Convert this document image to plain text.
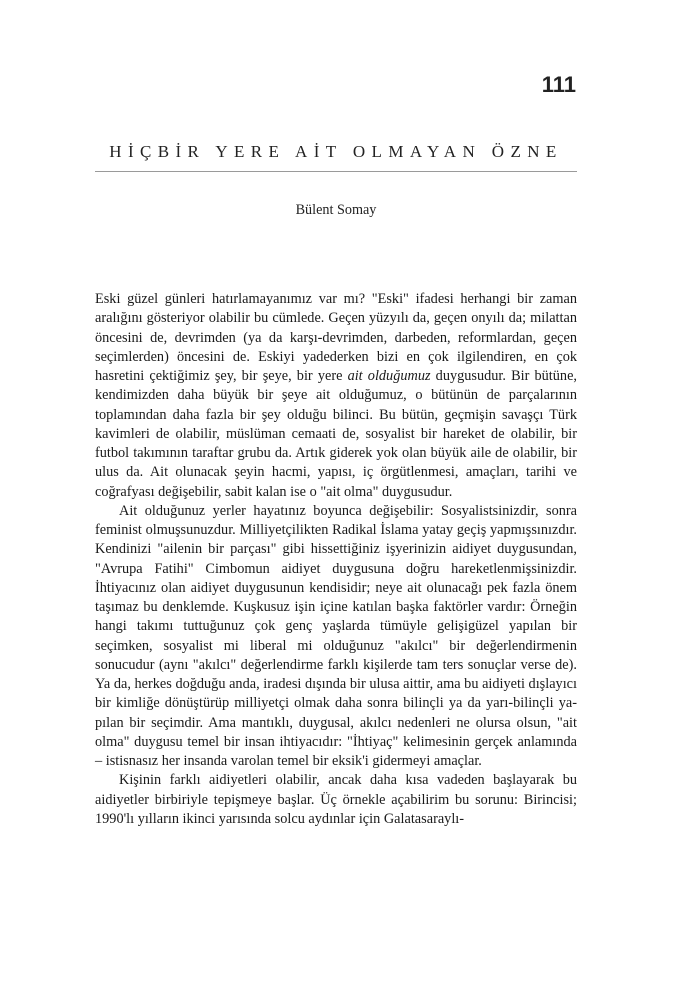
111
HİÇBİR YERE AİT OLMAYAN ÖZNE
Bülent Somay

Eski güzel günleri hatırlamayanımız var mı? "Eski" ifadesi herhangi bir zaman aralığını gösteriyor olabilir bu cümlede. Geçen yüzyılı da, geçen onyılı da; milattan öncesini de, devrimden (ya da karşı-devrimden, darbeden, reformlardan, geçen seçimlerden) öncesini de. Eskiyi yadederken bizi en çok ilgilendiren, en çok hasretini çektiğimiz şey, bir şeye, bir yere ait olduğumuz duygusudur. Bir bütüne, kendimizden daha büyük bir şeye ait olduğumuz, o bütünün de parçalarının toplamından daha fazla bir şey olduğu bilinci. Bu bütün, geçmişin savaşçı Türk kavimleri de olabilir, müslüman cemaati de, sosyalist bir hareket de olabilir, bir futbol takımının taraftar grubu da. Artık giderek yok olan büyük aile de olabilir, bir ulus da. Ait olunacak şeyin hacmi, yapısı, iç örgütlenmesi, amaçları, tarihi ve coğrafyası değişebilir, sabit kalan ise o "ait olma" duygusudur.

Ait olduğunuz yerler hayatınız boyunca değişebilir: Sosyalistsinizdir, sonra feminist olmuşsunuzdur. Milliyetçilikten Radikal İslama yatay geçiş yapmışsınızdır. Kendinizi "ailenin bir parçası" gibi hissettiğiniz işyerinizin aidiyet duygusundan, "Avrupa Fatihi" Cimbomun aidiyet duygusuna doğru hareketlenmişsinizdir. İhtiyacınız olan aidiyet duygusunun kendisidir; neye ait olunacağı pek fazla önem taşımaz bu denklemde. Kuşkusuz işin içine katılan başka faktörler vardır: Örneğin hangi takımı tuttuğunuz çok genç yaşlarda tümüyle gelişigüzel yapılan bir seçimken, sosyalist mi liberal mi olduğunuz "akılcı" bir değerlendirmenin sonucudur (aynı "akılcı" değerlendirme farklı kişilerde tam ters sonuçlar verse de). Ya da, herkes doğduğu anda, iradesi dışında bir ulusa aittir, ama bu aidiyeti dışlayıcı bir kimliğe dönüştürüp milliyetçi olmak daha sonra bilinçli ya da yarı-bilinçli yapılan bir seçimdir. Ama mantıklı, duygusal, akılcı nedenleri ne olursa olsun, "ait olma" duygusu temel bir insan ihtiyacıdır: "İhtiyaç" kelimesinin gerçek anlamında – istisnasız her insanda varolan temel bir eksik'i gidermeyi amaçlar.

Kişinin farklı aidiyetleri olabilir, ancak daha kısa vadeden başlayarak bu aidiyetler birbiriyle tepişmeye başlar. Üç örnekle açabilirim bu sorunu: Birincisi; 1990'lı yılların ikinci yarısında solcu aydınlar için Galatasaraylı-
